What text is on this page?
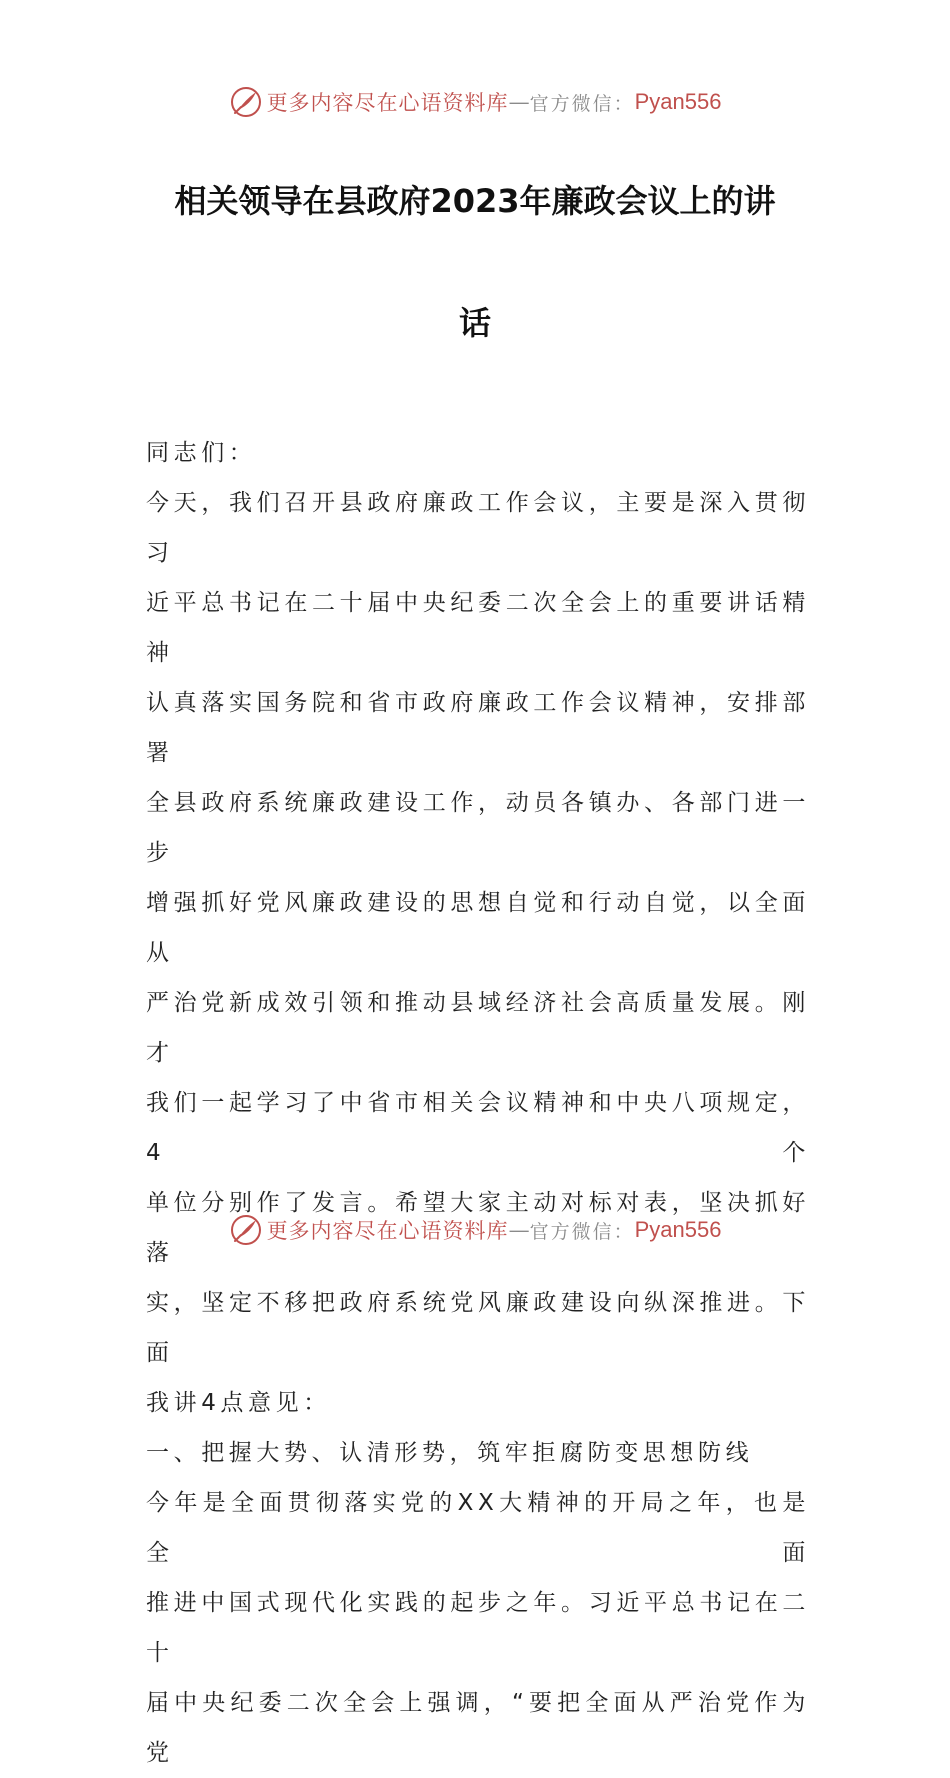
更多内容尽在心语资料库 — 官方微信： Pyan556
相关领导在县政府2023年廉政会议上的讲
话

同志们：

今天，我们召开县政府廉政工作会议，主要是深入贯彻习

近平总书记在二十届中央纪委二次全会上的重要讲话精神

认真落实国务院和省市政府廉政工作会议精神，安排部署

全县政府系统廉政建设工作，动员各镇办、各部门进一步

增强抓好党风廉政建设的思想自觉和行动自觉，以全面从

严治党新成效引领和推动县域经济社会高质量发展。刚才

我们一起学习了中省市相关会议精神和中央八项规定，4个

单位分别作了发言。希望大家主动对标对表，坚决抓好落

实，坚定不移把政府系统党风廉政建设向纵深推进。下面

我讲4点意见：

一、把握大势、认清形势，筑牢拒腐防变思想防线

今年是全面贯彻落实党的XX大精神的开局之年，也是全面

推进中国式现代化实践的起步之年。习近平总书记在二十

届中央纪委二次全会上强调，“要把全面从严治党作为党

更多内容尽在心语资料库 — 官方微信： Pyan556
